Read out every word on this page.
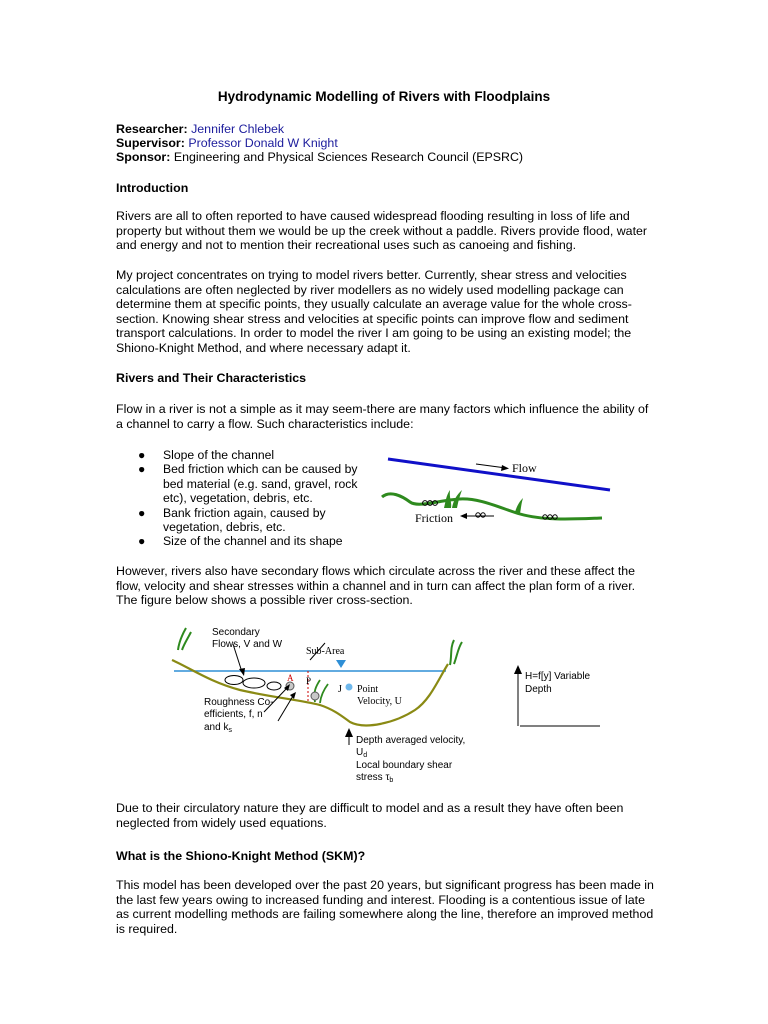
Hydrodynamic Modelling of Rivers with Floodplains
Researcher: Jennifer Chlebek
Supervisor: Professor Donald W Knight
Sponsor: Engineering and Physical Sciences Research Council (EPSRC)
Introduction
Rivers are all to often reported to have caused widespread flooding resulting in loss of life and property but without them we would be up the creek without a paddle. Rivers provide flood, water and energy and not to mention their recreational uses such as canoeing and fishing.
My project concentrates on trying to model rivers better. Currently, shear stress and velocities calculations are often neglected by river modellers as no widely used modelling package can determine them at specific points, they usually calculate an average value for the whole cross-section. Knowing shear stress and velocities at specific points can improve flow and sediment transport calculations. In order to model the river I am going to be using an existing model; the Shiono-Knight Method, and where necessary adapt it.
Rivers and Their Characteristics
Flow in a river is not a simple as it may seem-there are many factors which influence the ability of a channel to carry a flow. Such characteristics include:
● Slope of the channel
● Bed friction which can be caused by bed material (e.g. sand, gravel, rock etc), vegetation, debris, etc.
● Bank friction again, caused by vegetation, debris, etc.
● Size of the channel and its shape
Flow
Friction
However, rivers also have secondary flows which circulate across the river and these affect the flow, velocity and shear stresses within a channel and in turn can affect the plan form of a river. The figure below shows a possible river cross-section.
Secondary
Flows, V and W
Sub-Area
A P
J Point
Velocity, U
Roughness Co-
efficients, f, n
and $k_s$
Depth averaged velocity,
$U_d$
Local boundary shear
stress $\tau_b$
H=f[y] Variable
Depth
Due to their circulatory nature they are difficult to model and as a result they have often been neglected from widely used equations.
What is the Shiono-Knight Method (SKM)?
This model has been developed over the past 20 years, but significant progress has been made in the last few years owing to increased funding and interest. Flooding is a contentious issue of late as current modelling methods are failing somewhere along the line, therefore an improved method is required.
